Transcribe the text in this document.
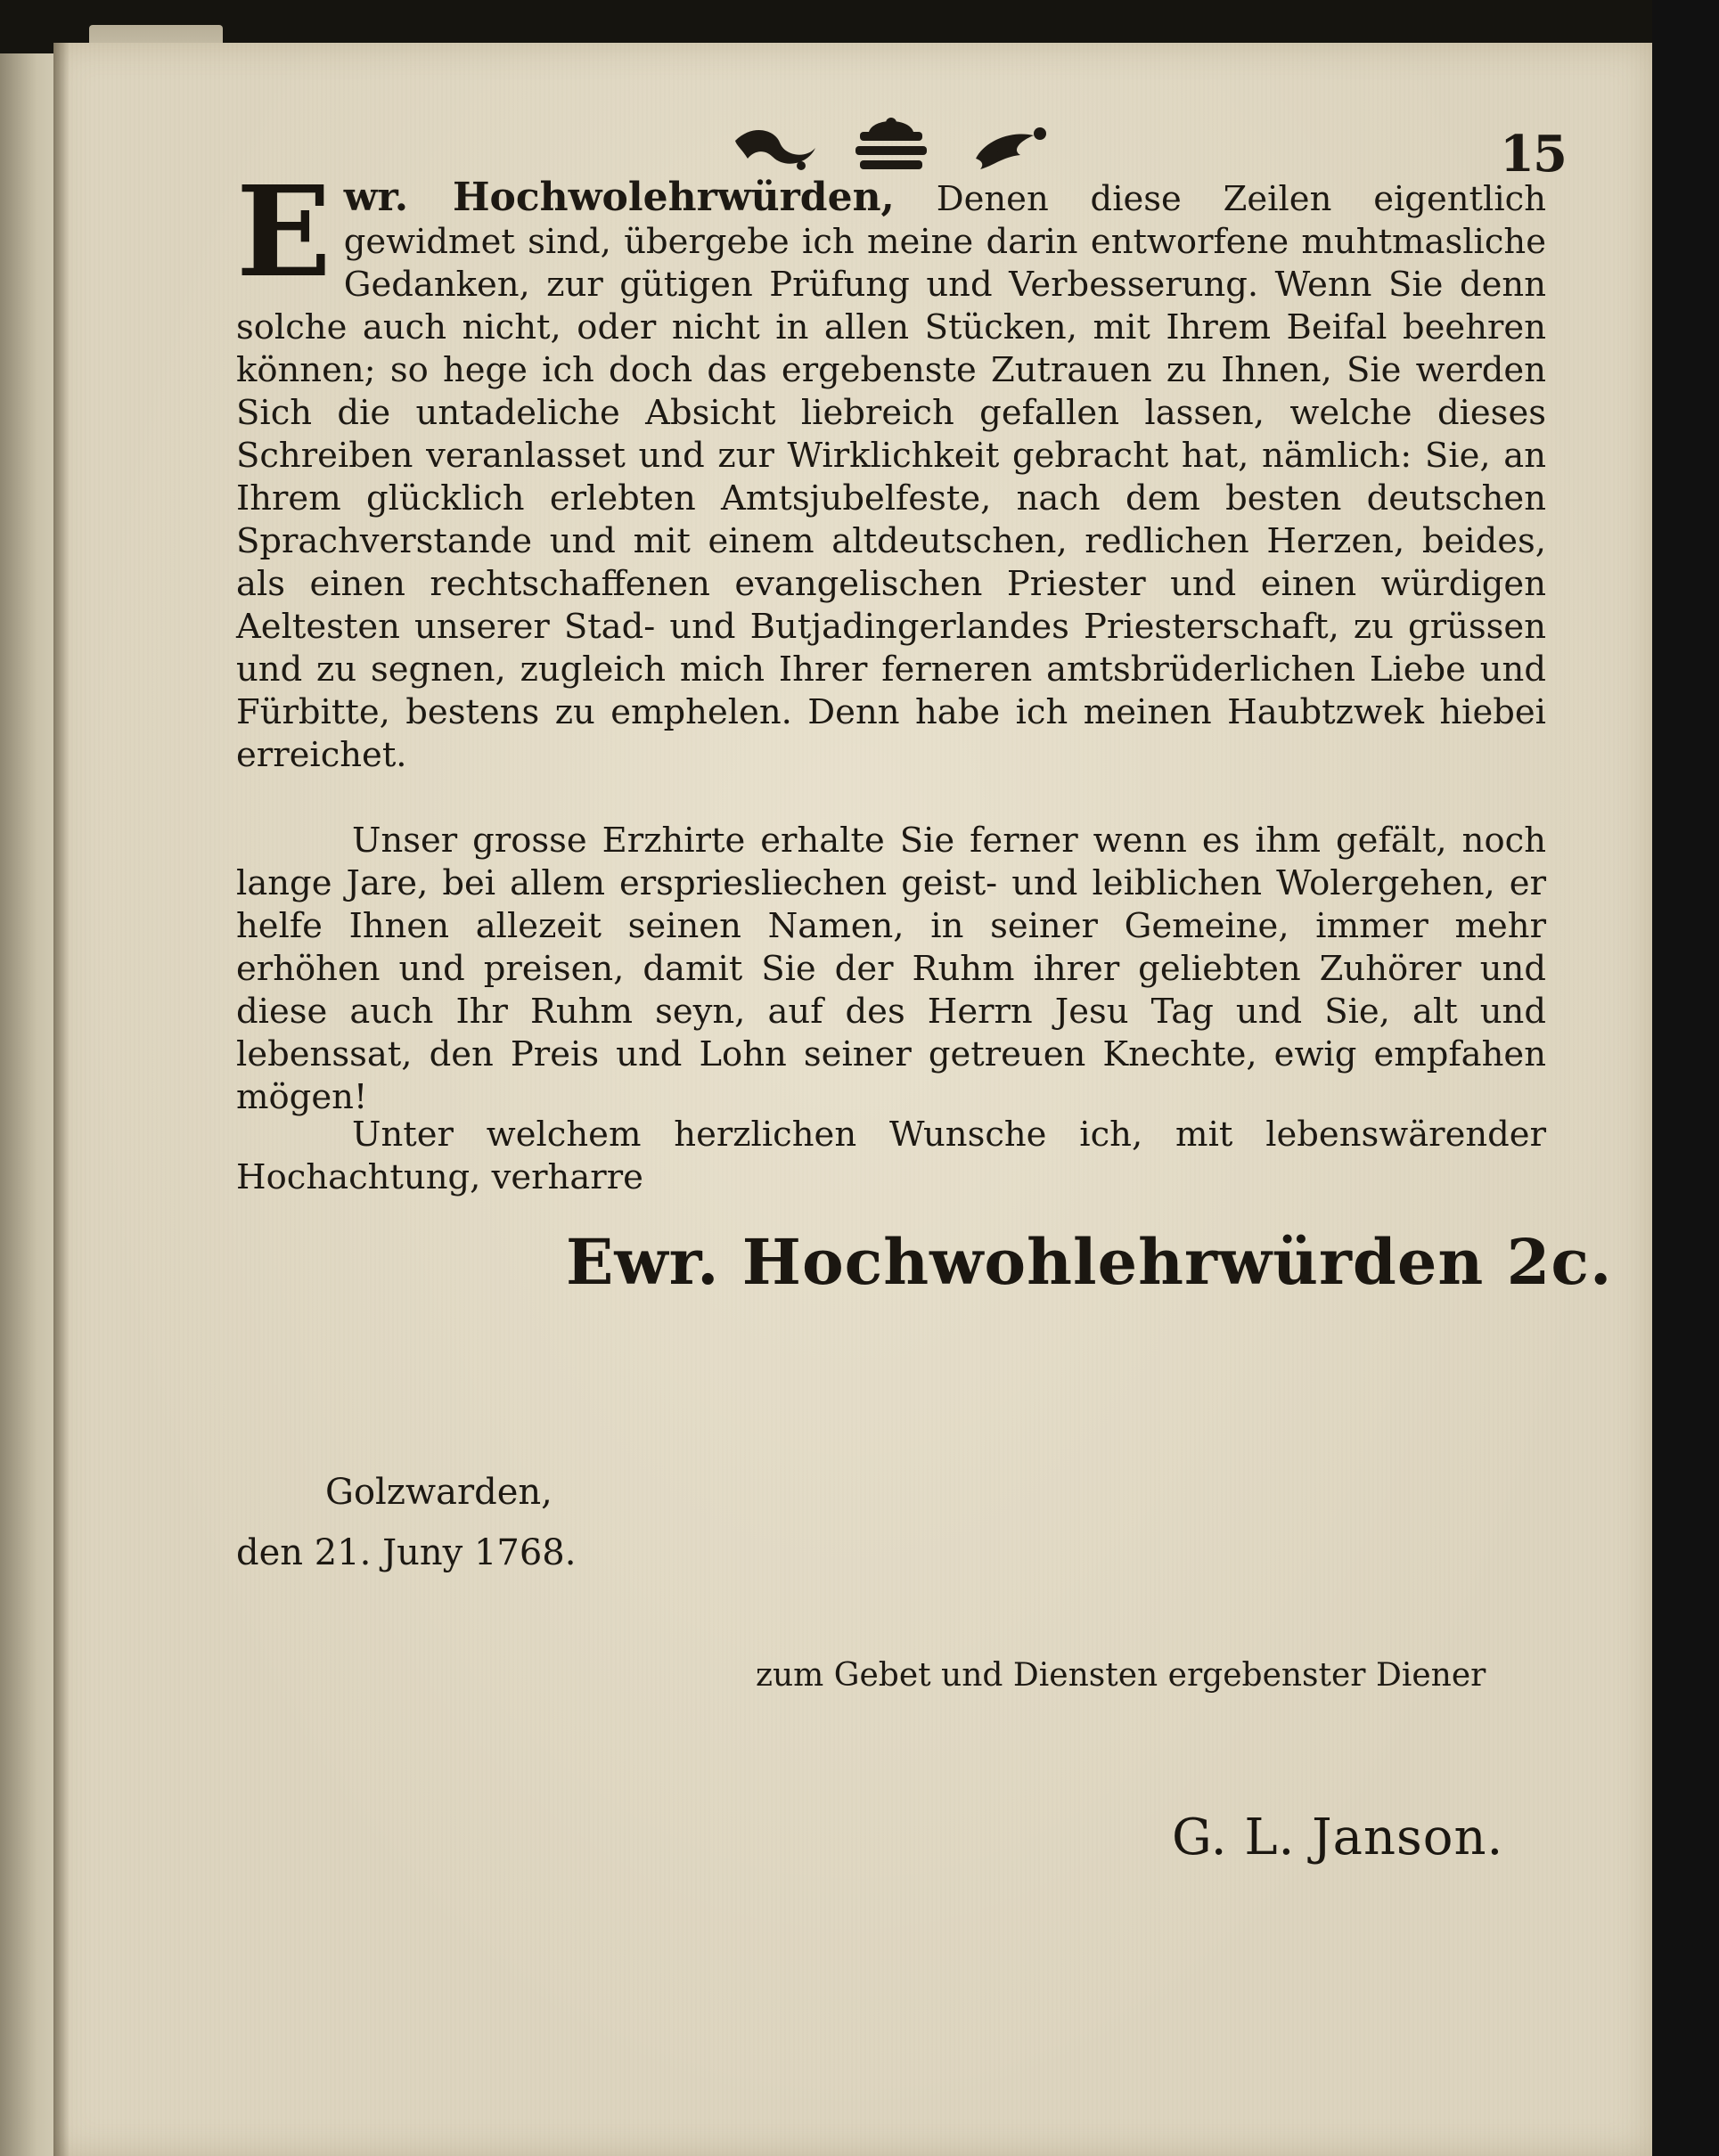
15
Ewr. Hochwolehrwürden, Denen diese Zeilen eigentlich gewidmet sind, übergebe ich meine darin entworfene muhtmasliche Gedanken, zur gütigen Prüfung und Verbesserung. Wenn Sie denn solche auch nicht, oder nicht in allen Stücken, mit Ihrem Beifal beehren können; so hege ich doch das ergebenste Zutrauen zu Ihnen, Sie werden Sich die untadeliche Absicht liebreich gefallen lassen, welche dieses Schreiben veranlasset und zur Wirklichkeit gebracht hat, nämlich: Sie, an Ihrem glücklich erlebten Amtsjubelfeste, nach dem besten deutschen Sprachverstande und mit einem altdeutschen, redlichen Herzen, beides, als einen rechtschaffenen evangelischen Priester und einen würdigen Aeltesten unserer Stad- und Butjadingerlandes Priesterschaft, zu grüssen und zu segnen, zugleich mich Ihrer ferneren amtsbrüderlichen Liebe und Fürbitte, bestens zu emphelen. Denn habe ich meinen Haubtzwek hiebei erreichet.
Unser grosse Erzhirte erhalte Sie ferner wenn es ihm gefält, noch lange Jare, bei allem erspriesliechen geist- und leiblichen Wolergehen, er helfe Ihnen allezeit seinen Namen, in seiner Gemeine, immer mehr erhöhen und preisen, damit Sie der Ruhm ihrer geliebten Zuhörer und diese auch Ihr Ruhm seyn, auf des Herrn Jesu Tag und Sie, alt und lebenssat, den Preis und Lohn seiner getreuen Knechte, ewig empfahen mögen!
Unter welchem herzlichen Wunsche ich, mit lebenswärender Hochachtung, verharre
Ewr. Hochwohlehrwürden 2c.
Golzwarden,
den 21. Juny 1768.
zum Gebet und Diensten ergebenster Diener
G. L. Janson.
